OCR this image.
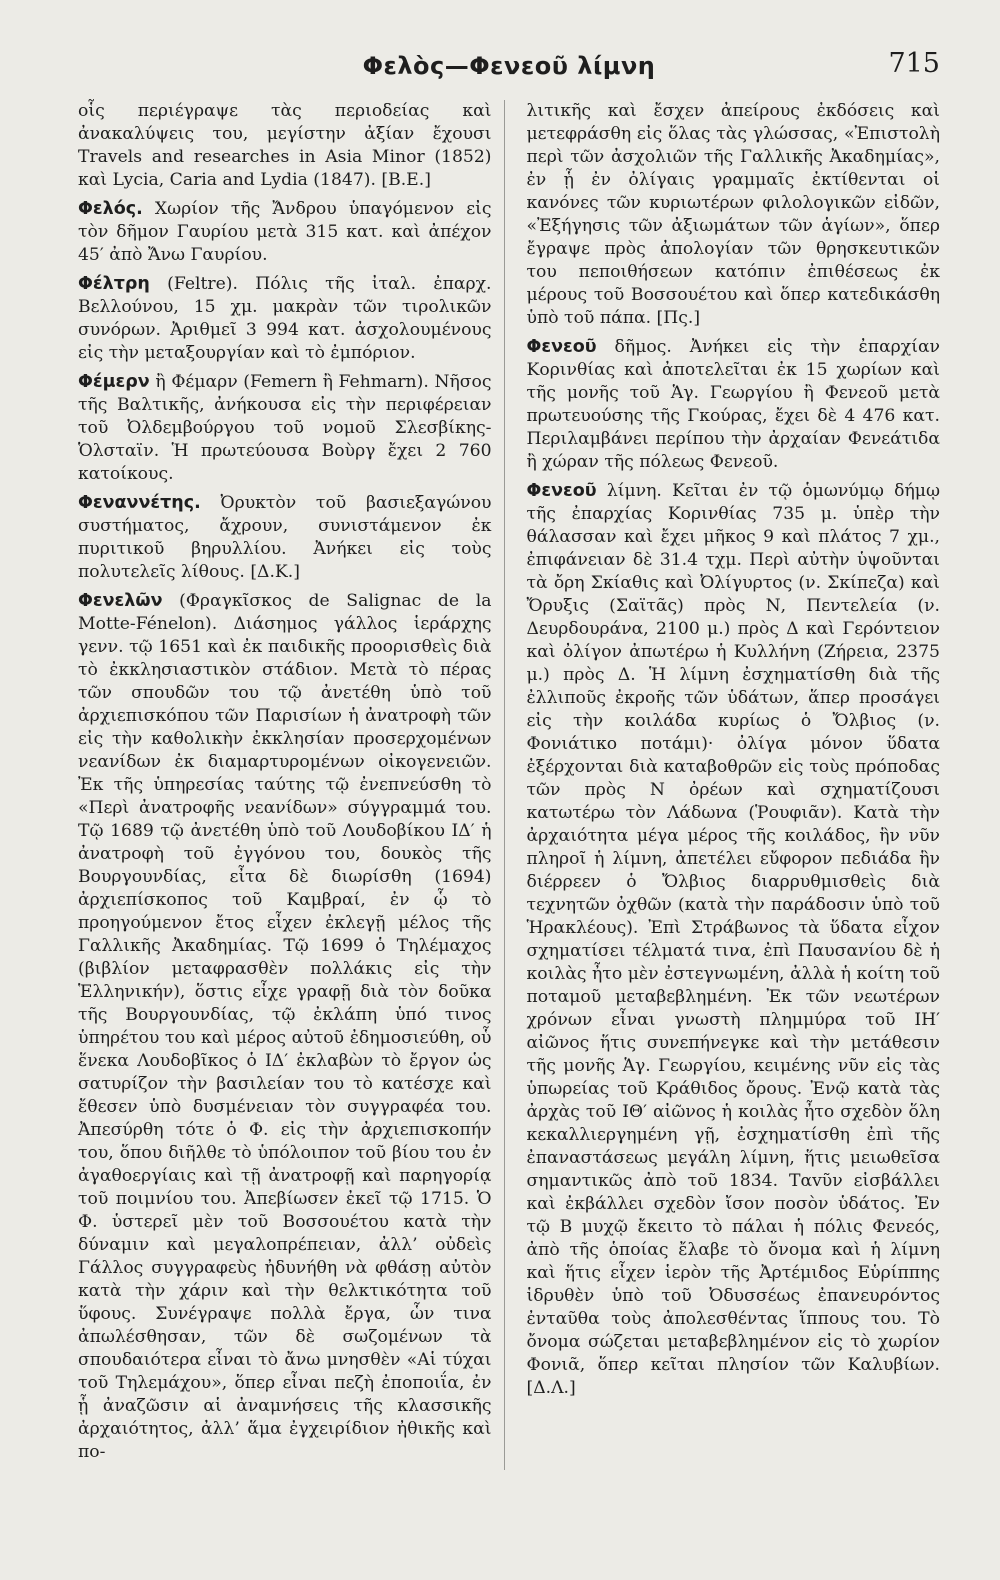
Φελὸς—Φενεοῦ λίμνη	715

οἷς περιέγραψε τὰς περιοδείας καὶ ἀνακαλύψεις του, μεγίστην ἀξίαν ἔχουσι Travels and researches in Asia Minor (1852) καὶ Lycia, Caria and Lydia (1847). [Β.Ε.]

Φελός. Χωρίον τῆς Ἄνδρου ὑπαγόμενον εἰς τὸν δῆμον Γαυρίου μετὰ 315 κατ. καὶ ἀπέχον 45′ ἀπὸ Ἄνω Γαυρίου.

Φέλτρη (Feltre). Πόλις τῆς ἰταλ. ἐπαρχ. Βελλούνου, 15 χμ. μακρὰν τῶν τιρολικῶν συνόρων. Ἀριθμεῖ 3 994 κατ. ἀσχολουμένους εἰς τὴν μεταξουργίαν καὶ τὸ ἐμπόριον.

Φέμερν ἢ Φέμαρν (Femern ἢ Fehmarn). Νῆσος τῆς Βαλτικῆς, ἀνήκουσα εἰς τὴν περιφέρειαν τοῦ Ὀλδεμβούργου τοῦ νομοῦ Σλεσβίκης-Ὁλσταϊν. Ἡ πρωτεύουσα Βοὺργ ἔχει 2 760 κατοίκους.

Φεναννέτης. Ὀρυκτὸν τοῦ βασιεξαγώνου συστήματος, ἄχρουν, συνιστάμενον ἐκ πυριτικοῦ βηρυλλίου. Ἀνήκει εἰς τοὺς πολυτελεῖς λίθους. [Δ.Κ.]

Φενελῶν (Φραγκῖσκος de Salignac de la Motte-Fénelon). Διάσημος γάλλος ἱεράρχης γενν. τῷ 1651 καὶ ἐκ παιδικῆς προορισθεὶς διὰ τὸ ἐκκλησιαστικὸν στάδιον. Μετὰ τὸ πέρας τῶν σπουδῶν του τῷ ἀνετέθη ὑπὸ τοῦ ἀρχιεπισκόπου τῶν Παρισίων ἡ ἀνατροφὴ τῶν εἰς τὴν καθολικὴν ἐκκλησίαν προσερχομένων νεανίδων ἐκ διαμαρτυρομένων οἰκογενειῶν. Ἐκ τῆς ὑπηρεσίας ταύτης τῷ ἐνεπνεύσθη τὸ «Περὶ ἀνατροφῆς νεανίδων» σύγγραμμά του. Τῷ 1689 τῷ ἀνετέθη ὑπὸ τοῦ Λουδοβίκου ΙΔ′ ἡ ἀνατροφὴ τοῦ ἐγγόνου του, δουκὸς τῆς Βουργουνδίας, εἶτα δὲ διωρίσθη (1694) ἀρχιεπίσκοπος τοῦ Καμβραί, ἐν ᾧ τὸ προηγούμενον ἔτος εἶχεν ἐκλεγῇ μέλος τῆς Γαλλικῆς Ἀκαδημίας. Τῷ 1699 ὁ Τηλέμαχος (βιβλίον μεταφρασθὲν πολλάκις εἰς τὴν Ἑλληνικήν), ὅστις εἶχε γραφῇ διὰ τὸν δοῦκα τῆς Βουργουνδίας, τῷ ἐκλάπη ὑπό τινος ὑπηρέτου του καὶ μέρος αὐτοῦ ἐδημοσιεύθη, οὗ ἕνεκα Λουδοβῖκος ὁ ΙΔ′ ἐκλαβὼν τὸ ἔργον ὡς σατυρίζον τὴν βασιλείαν του τὸ κατέσχε καὶ ἔθεσεν ὑπὸ δυσμένειαν τὸν συγγραφέα του. Ἀπεσύρθη τότε ὁ Φ. εἰς τὴν ἀρχιεπισκοπήν του, ὅπου διῆλθε τὸ ὑπόλοιπον τοῦ βίου του ἐν ἀγαθοεργίαις καὶ τῇ ἀνατροφῇ καὶ παρηγορίᾳ τοῦ ποιμνίου του. Ἀπεβίωσεν ἐκεῖ τῷ 1715. Ὁ Φ. ὑστερεῖ μὲν τοῦ Βοσσουέτου κατὰ τὴν δύναμιν καὶ μεγαλοπρέπειαν, ἀλλ’ οὐδεὶς Γάλλος συγγραφεὺς ἠδυνήθη νὰ φθάσῃ αὐτὸν κατὰ τὴν χάριν καὶ τὴν θελκτικότητα τοῦ ὕφους. Συνέγραψε πολλὰ ἔργα, ὧν τινα ἀπωλέσθησαν, τῶν δὲ σωζομένων τὰ σπουδαιότερα εἶναι τὸ ἄνω μνησθὲν «Αἱ τύχαι τοῦ Τηλεμάχου», ὅπερ εἶναι πεζὴ ἐποποιΐα, ἐν ᾗ ἀναζῶσιν αἱ ἀναμνήσεις τῆς κλασσικῆς ἀρχαιότητος, ἀλλ’ ἅμα ἐγχειρίδιον ἠθικῆς καὶ πο-

λιτικῆς καὶ ἔσχεν ἀπείρους ἐκδόσεις καὶ μετεφράσθη εἰς ὅλας τὰς γλώσσας, «Ἐπιστολὴ περὶ τῶν ἀσχολιῶν τῆς Γαλλικῆς Ἀκαδημίας», ἐν ᾗ ἐν ὀλίγαις γραμμαῖς ἐκτίθενται οἱ κανόνες τῶν κυριωτέρων φιλολογικῶν εἰδῶν, «Ἐξήγησις τῶν ἀξιωμάτων τῶν ἁγίων», ὅπερ ἔγραψε πρὸς ἀπολογίαν τῶν θρησκευτικῶν του πεποιθήσεων κατόπιν ἐπιθέσεως ἐκ μέρους τοῦ Βοσσουέτου καὶ ὅπερ κατεδικάσθη ὑπὸ τοῦ πάπα. [Πς.]

Φενεοῦ δῆμος. Ἀνήκει εἰς τὴν ἐπαρχίαν Κορινθίας καὶ ἀποτελεῖται ἐκ 15 χωρίων καὶ τῆς μονῆς τοῦ Ἁγ. Γεωργίου ἢ Φενεοῦ μετὰ πρωτευούσης τῆς Γκούρας, ἔχει δὲ 4 476 κατ. Περιλαμβάνει περίπου τὴν ἀρχαίαν Φενεάτιδα ἢ χώραν τῆς πόλεως Φενεοῦ.

Φενεοῦ λίμνη. Κεῖται ἐν τῷ ὁμωνύμῳ δήμῳ τῆς ἐπαρχίας Κορινθίας 735 μ. ὑπὲρ τὴν θάλασσαν καὶ ἔχει μῆκος 9 καὶ πλάτος 7 χμ., ἐπιφάνειαν δὲ 31.4 τχμ. Περὶ αὐτὴν ὑψοῦνται τὰ ὄρη Σκίαθις καὶ Ὀλίγυρτος (ν. Σκίπεζα) καὶ Ὄρυξις (Σαϊτᾶς) πρὸς Ν, Πεντελεία (ν. Δευρδουράνα, 2100 μ.) πρὸς Δ καὶ Γερόντειον καὶ ὀλίγον ἀπωτέρω ἡ Κυλλήνη (Ζήρεια, 2375 μ.) πρὸς Δ. Ἡ λίμνη ἐσχηματίσθη διὰ τῆς ἐλλιποῦς ἐκροῆς τῶν ὑδάτων, ἅπερ προσάγει εἰς τὴν κοιλάδα κυρίως ὁ Ὄλβιος (ν. Φονιάτικο ποτάμι)· ὀλίγα μόνον ὕδατα ἐξέρχονται διὰ καταβοθρῶν εἰς τοὺς πρόποδας τῶν πρὸς Ν ὀρέων καὶ σχηματίζουσι κατωτέρω τὸν Λάδωνα (Ῥουφιᾶν). Κατὰ τὴν ἀρχαιότητα μέγα μέρος τῆς κοιλάδος, ἣν νῦν πληροῖ ἡ λίμνη, ἀπετέλει εὔφορον πεδιάδα ἣν διέρρεεν ὁ Ὄλβιος διαρρυθμισθεὶς διὰ τεχνητῶν ὀχθῶν (κατὰ τὴν παράδοσιν ὑπὸ τοῦ Ἡρακλέους). Ἐπὶ Στράβωνος τὰ ὕδατα εἶχον σχηματίσει τέλματά τινα, ἐπὶ Παυσανίου δὲ ἡ κοιλὰς ἦτο μὲν ἐστεγνωμένη, ἀλλὰ ἡ κοίτη τοῦ ποταμοῦ μεταβεβλημένη. Ἐκ τῶν νεωτέρων χρόνων εἶναι γνωστὴ πλημμύρα τοῦ ΙΗ′ αἰῶνος ἥτις συνεπήνεγκε καὶ τὴν μετάθεσιν τῆς μονῆς Ἁγ. Γεωργίου, κειμένης νῦν εἰς τὰς ὑπωρείας τοῦ Κράθιδος ὄρους. Ἐνῷ κατὰ τὰς ἀρχὰς τοῦ ΙΘ′ αἰῶνος ἡ κοιλὰς ἦτο σχεδὸν ὅλη κεκαλλιεργημένη γῇ, ἐσχηματίσθη ἐπὶ τῆς ἐπαναστάσεως μεγάλη λίμνη, ἥτις μειωθεῖσα σημαντικῶς ἀπὸ τοῦ 1834. Ταvῦν εἰσβάλλει καὶ ἐκβάλλει σχεδὸν ἴσον ποσὸν ὑδάτος. Ἐν τῷ Β μυχῷ ἔκειτο τὸ πάλαι ἡ πόλις Φενεός, ἀπὸ τῆς ὁποίας ἔλαβε τὸ ὄνομα καὶ ἡ λίμνη καὶ ἥτις εἶχεν ἱερὸν τῆς Ἀρτέμιδος Εὑρίππης ἱδρυθὲν ὑπὸ τοῦ Ὀδυσσέως ἐπανευρόντος ἐνταῦθα τοὺς ἀπολεσθέντας ἵππους του. Τὸ ὄνομα σώζεται μεταβεβλημένον εἰς τὸ χωρίον Φονιᾶ, ὅπερ κεῖται πλησίον τῶν Καλυβίων. [Δ.Λ.]
